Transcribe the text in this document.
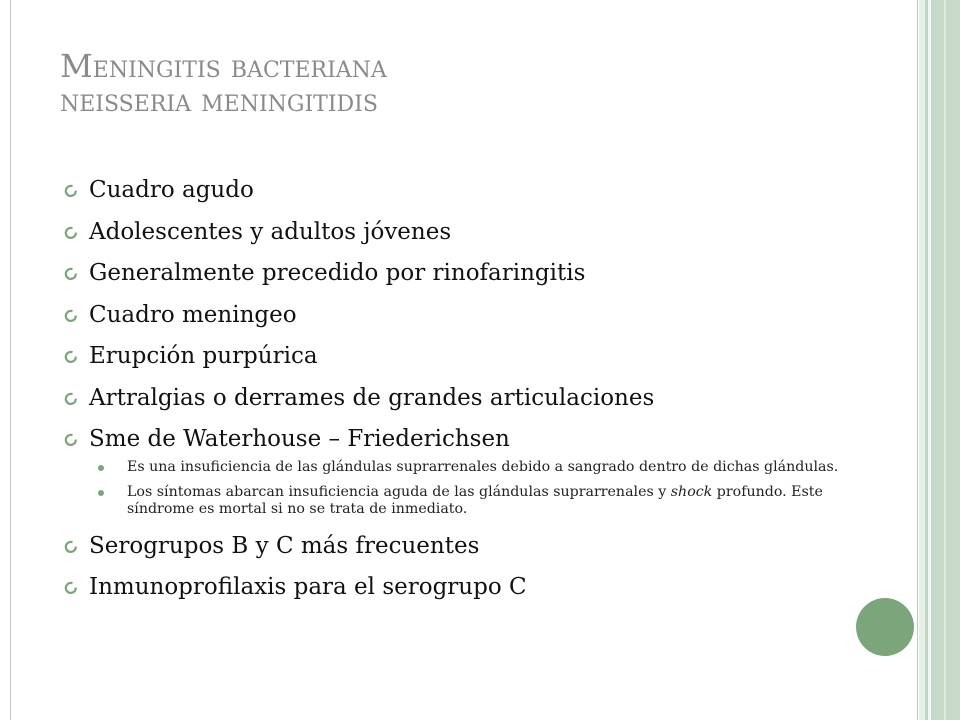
Meningitis bacteriana
neisseria meningitidis
Cuadro agudo
Adolescentes y adultos jóvenes
Generalmente precedido por rinofaringitis
Cuadro meningeo
Erupción purpúrica
Artralgias o derrames de grandes articulaciones
Sme de Waterhouse – Friederichsen
Es una insuficiencia de las glándulas suprarrenales debido a sangrado dentro de dichas glándulas.
Los síntomas abarcan insuficiencia aguda de las glándulas suprarrenales y shock profundo. Este síndrome es mortal si no se trata de inmediato.
Serogrupos B y C más frecuentes
Inmunoprofilaxis para el serogrupo C
